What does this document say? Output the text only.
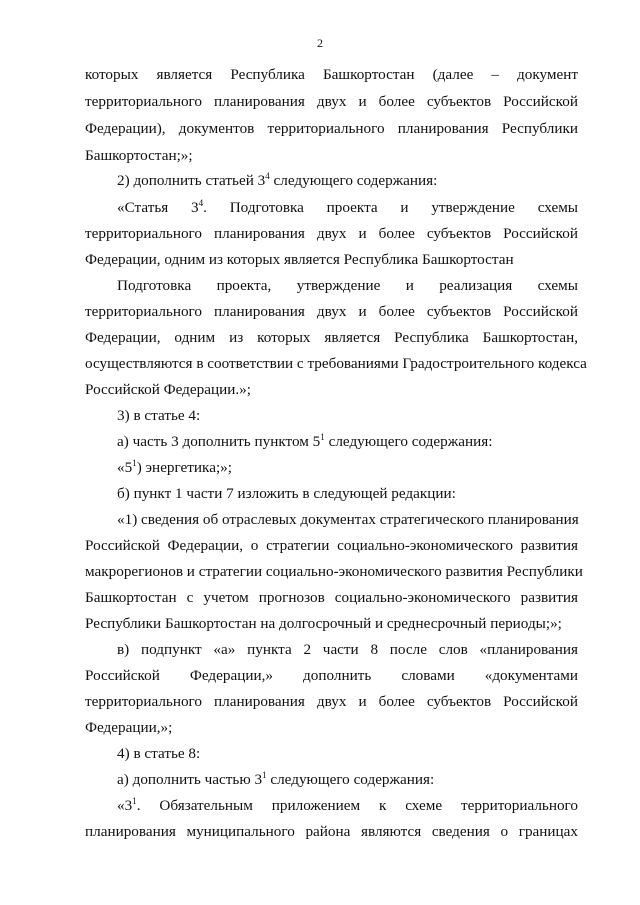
2
которых является Республика Башкортостан (далее – документ
территориального планирования двух и более субъектов Российской
Федерации), документов территориального планирования Республики
Башкортостан;»;
2) дополнить статьей $3^4$ следующего содержания:
«Статья $3^4$. Подготовка проекта и утверждение схемы
территориального планирования двух и более субъектов Российской
Федерации, одним из которых является Республика Башкортостан
Подготовка проекта, утверждение и реализация схемы
территориального планирования двух и более субъектов Российской
Федерации, одним из которых является Республика Башкортостан,
осуществляются в соответствии с требованиями Градостроительного кодекса
Российской Федерации.»;
3) в статье 4:
а) часть 3 дополнить пунктом $5^1$ следующего содержания:
«$5^1$) энергетика;»;
б) пункт 1 части 7 изложить в следующей редакции:
«1) сведения об отраслевых документах стратегического планирования
Российской Федерации, о стратегии социально-экономического развития
макрорегионов и стратегии социально-экономического развития Республики
Башкортостан с учетом прогнозов социально-экономического развития
Республики Башкортостан на долгосрочный и среднесрочный периоды;»;
в) подпункт «а» пункта 2 части 8 после слов «планирования
Российской Федерации,» дополнить словами «документами
территориального планирования двух и более субъектов Российской
Федерации,»;
4) в статье 8:
а) дополнить частью $3^1$ следующего содержания:
«$3^1$. Обязательным приложением к схеме территориального
планирования муниципального района являются сведения о границах
